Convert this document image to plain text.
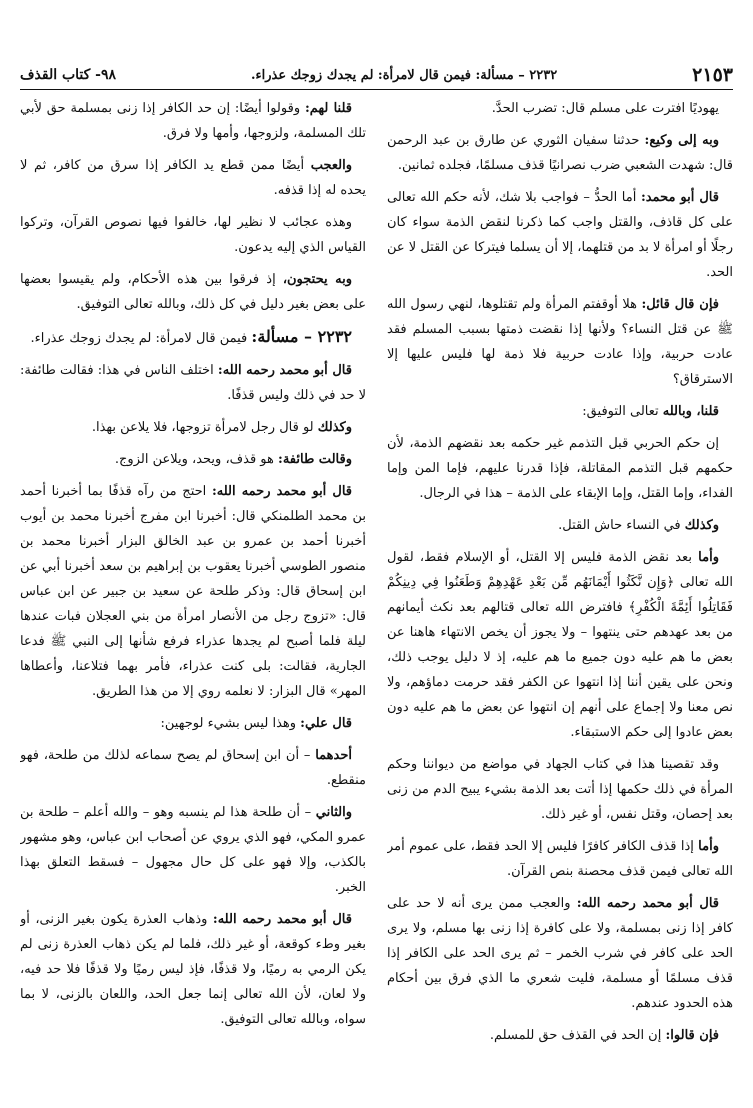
٢١٥٣
٢٢٣٢ – مسألة: فيمن قال لامرأة: لم يجدك زوجك عذراء.
٩٨- كتاب القذف

يهوديًا افترت على مسلم قال: تضرب الحدَّ.

وبه إلى وكيع: حدثنا سفيان الثوري عن طارق بن عبد الرحمن قال: شهدت الشعبي ضرب نصرانيًا قذف مسلمًا، فجلده ثمانين.

قال أبو محمد: أما الحدُّ – فواجب بلا شك، لأنه حكم الله تعالى على كل قاذف، والقتل واجب كما ذكرنا لنقض الذمة سواء كان رجلًا أو امرأة لا بد من قتلهما، إلا أن يسلما فيتركا عن القتل لا عن الحد.

فإن قال قائل: هلا أوقفتم المرأة ولم تقتلوها، لنهي رسول الله ﷺ عن قتل النساء؟ ولأنها إذا نقضت ذمتها بسبب المسلم فقد عادت حربية، وإذا عادت حربية فلا ذمة لها فليس عليها إلا الاسترقاق؟

قلنا، وبالله تعالى التوفيق:

إن حكم الحربي قبل التذمم غير حكمه بعد نقضهم الذمة، لأن حكمهم قبل التذمم المقاتلة، فإذا قدرنا عليهم، فإما المن وإما الفداء، وإما القتل، وإما الإبقاء على الذمة – هذا في الرجال.

وكذلك في النساء حاش القتل.

وأما بعد نقض الذمة فليس إلا القتل، أو الإسلام فقط، لقول الله تعالى ﴿وَإِن نَّكَثُوا أَيْمَانَهُم مِّن بَعْدِ عَهْدِهِمْ وَطَعَنُوا فِي دِينِكُمْ فَقَاتِلُوا أَئِمَّةَ الْكُفْرِ﴾ فافترض الله تعالى قتالهم بعد نكث أيمانهم من بعد عهدهم حتى ينتهوا – ولا يجوز أن يخص الانتهاء هاهنا عن بعض ما هم عليه دون جميع ما هم عليه، إذ لا دليل يوجب ذلك، ونحن على يقين أننا إذا انتهوا عن الكفر فقد حرمت دماؤهم، ولا نص معنا ولا إجماع على أنهم إن انتهوا عن بعض ما هم عليه دون بعض عادوا إلى حكم الاستبقاء.

وقد تقصينا هذا في كتاب الجهاد في مواضع من ديواننا وحكم المرأة في ذلك حكمها إذا أتت بعد الذمة بشيء يبيح الدم من زنى بعد إحصان، وقتل نفس، أو غير ذلك.

وأما إذا قذف الكافر كافرًا فليس إلا الحد فقط، على عموم أمر الله تعالى فيمن قذف محصنة بنص القرآن.

قال أبو محمد رحمه الله: والعجب ممن يرى أنه لا حد على كافر إذا زنى بمسلمة، ولا على كافرة إذا زنى بها مسلم، ولا يرى الحد على كافر في شرب الخمر – ثم يرى الحد على الكافر إذا قذف مسلمًا أو مسلمة، فليت شعري ما الذي فرق بين أحكام هذه الحدود عندهم.

فإن قالوا: إن الحد في القذف حق للمسلم.

قلنا لهم: وقولوا أيضًا: إن حد الكافر إذا زنى بمسلمة حق لأبي تلك المسلمة، ولزوجها، وأمها ولا فرق.

والعجب أيضًا ممن قطع يد الكافر إذا سرق من كافر، ثم لا يحده له إذا قذفه.

وهذه عجائب لا نظير لها، خالفوا فيها نصوص القرآن، وتركوا القياس الذي إليه يدعون.

وبه يحتجون، إذ فرقوا بين هذه الأحكام، ولم يقيسوا بعضها على بعض بغير دليل في كل ذلك، وبالله تعالى التوفيق.

٢٢٣٢ – مسألة: فيمن قال لامرأة: لم يجدك زوجك عذراء.

قال أبو محمد رحمه الله: اختلف الناس في هذا: فقالت طائفة: لا حد في ذلك وليس قذفًا.

وكذلك لو قال رجل لامرأة تزوجها، فلا يلاعن بهذا.

وقالت طائفة: هو قذف، ويحد، ويلاعن الزوج.

قال أبو محمد رحمه الله: احتج من رآه قذفًا بما أخبرنا أحمد بن محمد الطلمنكي قال: أخبرنا ابن مفرج أخبرنا محمد بن أيوب أخبرنا أحمد بن عمرو بن عبد الخالق البزار أخبرنا محمد بن منصور الطوسي أخبرنا يعقوب بن إبراهيم بن سعد أخبرنا أبي عن ابن إسحاق قال: وذكر طلحة عن سعيد بن جبير عن ابن عباس قال: «تزوج رجل من الأنصار امرأة من بني العجلان فبات عندها ليلة فلما أصبح لم يجدها عذراء فرفع شأنها إلى النبي ﷺ فدعا الجارية، فقالت: بلى كنت عذراء، فأمر بهما فتلاعنا، وأعطاها المهر» قال البزار: لا نعلمه روي إلا من هذا الطريق.

قال علي: وهذا ليس بشيء لوجهين:

أحدهما – أن ابن إسحاق لم يصح سماعه لذلك من طلحة، فهو منقطع.

والثاني – أن طلحة هذا لم ينسبه وهو – والله أعلم – طلحة بن عمرو المكي، فهو الذي يروي عن أصحاب ابن عباس، وهو مشهور بالكذب، وإلا فهو على كل حال مجهول – فسقط التعلق بهذا الخبر.

قال أبو محمد رحمه الله: وذهاب العذرة يكون بغير الزنى، أو بغير وطء كوقعة، أو غير ذلك، فلما لم يكن ذهاب العذرة زنى لم يكن الرمي به رميًا، ولا قذفًا، فإذ ليس رميًا ولا قذفًا فلا حد فيه، ولا لعان، لأن الله تعالى إنما جعل الحد، واللعان بالزنى، لا بما سواه، وبالله تعالى التوفيق.
